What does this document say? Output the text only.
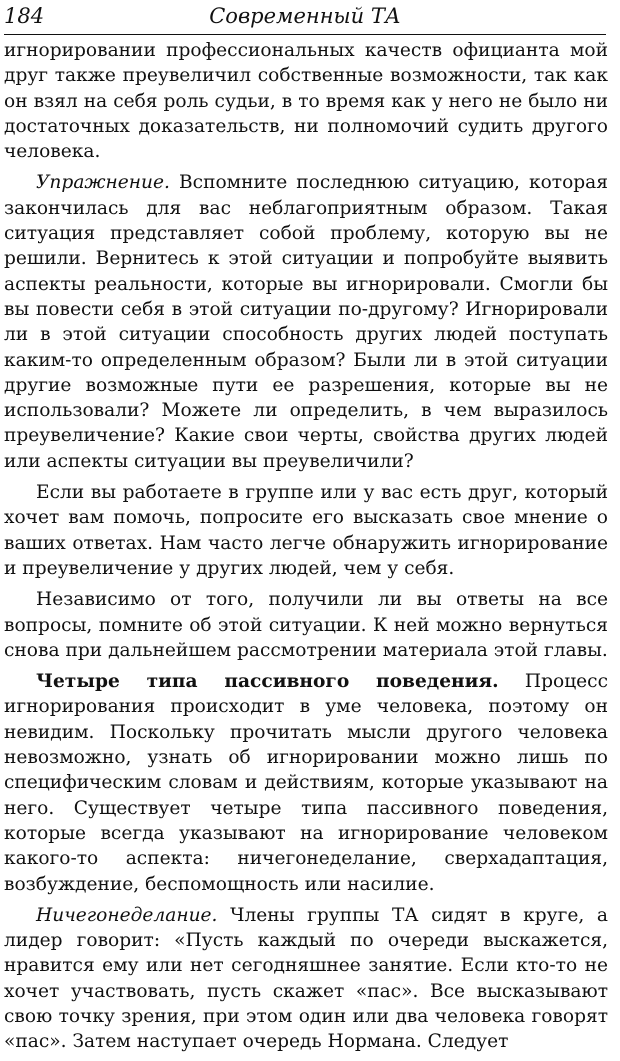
184	Современный ТА

игнорировании профессиональных качеств официанта мой друг также преувеличил собственные возможности, так как он взял на себя роль судьи, в то время как у него не было ни достаточных доказательств, ни полномочий судить другого человека.

Упражнение. Вспомните последнюю ситуацию, которая закончилась для вас неблагоприятным образом. Такая ситуация представляет собой проблему, которую вы не решили. Вернитесь к этой ситуации и попробуйте выявить аспекты реальности, которые вы игнорировали. Смогли бы вы повести себя в этой ситуации по-другому? Игнорировали ли в этой ситуации способность других людей поступать каким-то определенным образом? Были ли в этой ситуации другие возможные пути ее разрешения, которые вы не использовали? Можете ли определить, в чем выразилось преувеличение? Какие свои черты, свойства других людей или аспекты ситуации вы преувеличили?

Если вы работаете в группе или у вас есть друг, который хочет вам помочь, попросите его высказать свое мнение о ваших ответах. Нам часто легче обнаружить игнорирование и преувеличение у других людей, чем у себя.

Независимо от того, получили ли вы ответы на все вопросы, помните об этой ситуации. К ней можно вернуться снова при дальнейшем рассмотрении материала этой главы.

Четыре типа пассивного поведения. Процесс игнорирования происходит в уме человека, поэтому он невидим. Поскольку прочитать мысли другого человека невозможно, узнать об игнорировании можно лишь по специфическим словам и действиям, которые указывают на него. Существует четыре типа пассивного поведения, которые всегда указывают на игнорирование человеком какого-то аспекта: ничегонеделание, сверхадаптация, возбуждение, беспомощность или насилие.

Ничегонеделание. Члены группы ТА сидят в круге, а лидер говорит: «Пусть каждый по очереди выскажется, нравится ему или нет сегодняшнее занятие. Если кто-то не хочет участвовать, пусть скажет «пас». Все высказывают свою точку зрения, при этом один или два человека говорят «пас». Затем наступает очередь Нормана. Следует
